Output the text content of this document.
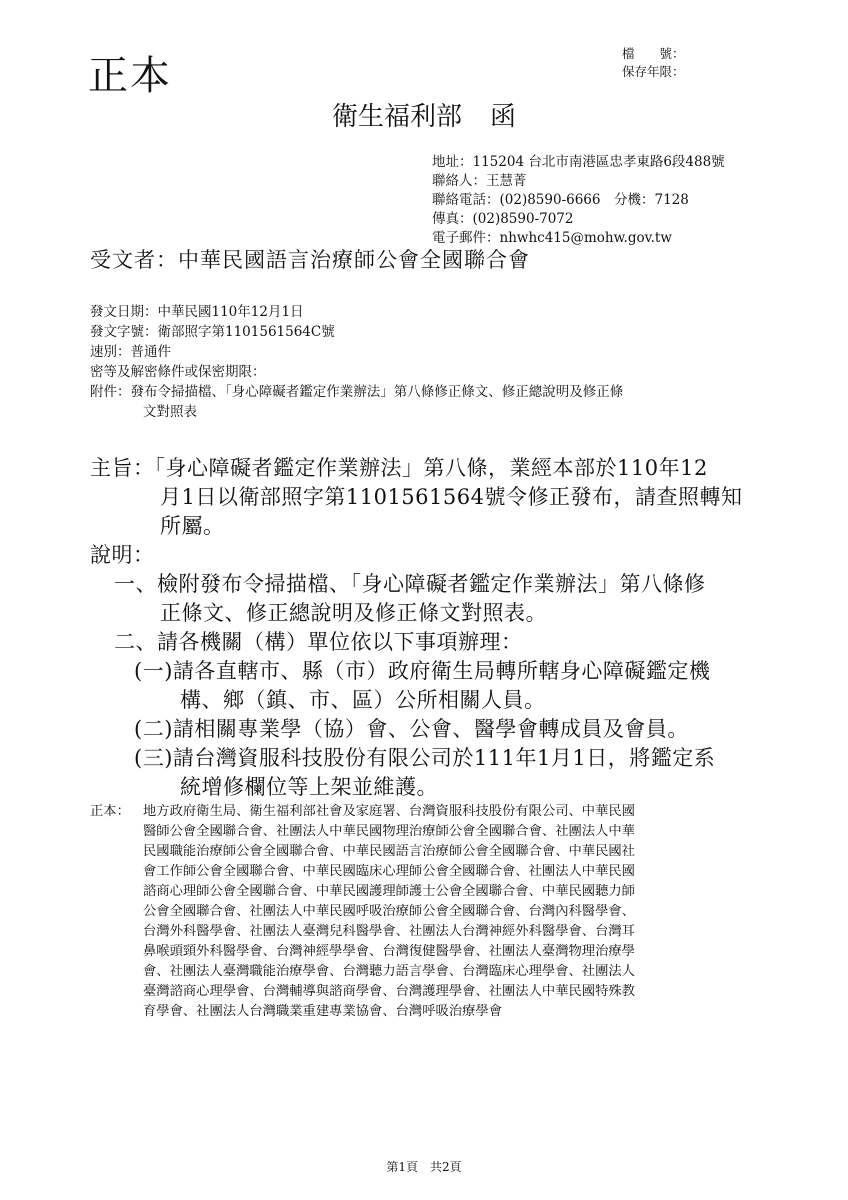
正本	檔　　號：
保存年限：
衛生福利部 函
地址：115204 台北市南港區忠孝東路6段488號
聯絡人：王慧菁
聯絡電話：(02)8590-6666　分機：7128
傳真：(02)8590-7072
電子郵件：nhwhc415@mohw.gov.tw
受文者：中華民國語言治療師公會全國聯合會
發文日期：中華民國110年12月1日
發文字號：衛部照字第1101561564C號
速別：普通件
密等及解密條件或保密期限：
附件：發布令掃描檔、「身心障礙者鑑定作業辦法」第八條修正條文、修正總說明及修正條
文對照表
主旨：「身心障礙者鑑定作業辦法」第八條，業經本部於110年12
月1日以衛部照字第1101561564號令修正發布，請查照轉知
所屬。
說明：
一、檢附發布令掃描檔、「身心障礙者鑑定作業辦法」第八條修
正條文、修正總說明及修正條文對照表。
二、請各機關（構）單位依以下事項辦理：
(一)請各直轄市、縣（市）政府衛生局轉所轄身心障礙鑑定機
構、鄉（鎮、市、區）公所相關人員。
(二)請相關專業學（協）會、公會、醫學會轉成員及會員。
(三)請台灣資服科技股份有限公司於111年1月1日，將鑑定系
統增修欄位等上架並維護。
正本： 地方政府衛生局、衛生福利部社會及家庭署、台灣資服科技股份有限公司、中華民國
醫師公會全國聯合會、社團法人中華民國物理治療師公會全國聯合會、社團法人中華
民國職能治療師公會全國聯合會、中華民國語言治療師公會全國聯合會、中華民國社
會工作師公會全國聯合會、中華民國臨床心理師公會全國聯合會、社團法人中華民國
諮商心理師公會全國聯合會、中華民國護理師護士公會全國聯合會、中華民國聽力師
公會全國聯合會、社團法人中華民國呼吸治療師公會全國聯合會、台灣內科醫學會、
台灣外科醫學會、社團法人臺灣兒科醫學會、社團法人台灣神經外科醫學會、台灣耳
鼻喉頭頸外科醫學會、台灣神經學學會、台灣復健醫學會、社團法人臺灣物理治療學
會、社團法人臺灣職能治療學會、台灣聽力語言學會、台灣臨床心理學會、社團法人
臺灣諮商心理學會、台灣輔導與諮商學會、台灣護理學會、社團法人中華民國特殊教
育學會、社團法人台灣職業重建專業協會、台灣呼吸治療學會
第1頁　共2頁
